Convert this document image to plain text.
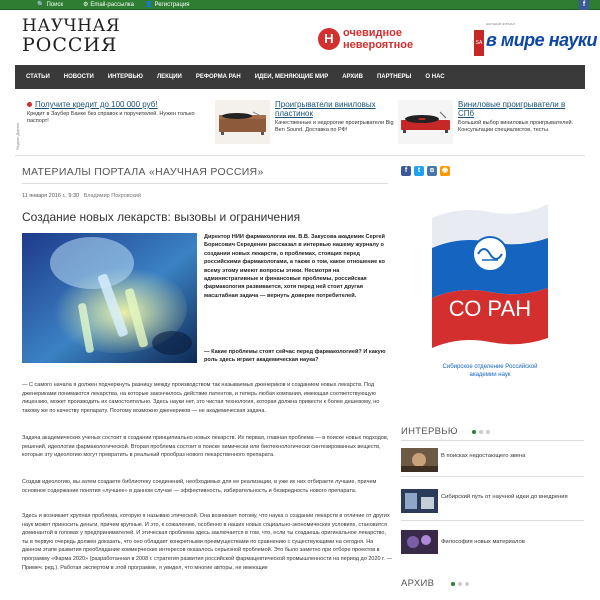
🔍 Поиск	⚙ Email-рассылка 👤 Регистрация	f
НАУЧНАЯ
РОССИЯ	H очевидное
невероятное
НАУЧНЫЙ ЖУРНАЛ
SA в мире науки
СТАТЬИ	НОВОСТИ	ИНТЕРВЬЮ	ЛЕКЦИИ	РЕФОРМА РАН	ИДЕИ, МЕНЯЮЩИЕ МИР	АРХИВ	ПАРТНЕРЫ	О НАС
Яндекс.Директ
Получите кредит до 100 000 руб!
Кредит в Заубер Банке без справок и поручителей. Нужен только паспорт!
Проигрыватели виниловых пластинок
Качественные и недорогие проигрыватели Big Ben Sound. Доставка по РФ!
Виниловые проигрыватели в СПб
Большой выбор виниловых проигрывателей. Консультации специалистов, тесты.
МАТЕРИАЛЫ ПОРТАЛА «НАУЧНАЯ РОССИЯ»	f	t	в	◉
11 января 2016 г., 9:30 Владимир Покровский
Создание новых лекарств: вызовы и ограничения
Директор НИИ фармакологии им. В.В. Закусова академик Сергей Борисович Середенин рассказал в интервью нашему журналу о создании новых лекарств, о проблемах, стоящих перед российскими фармакологами, а также о том, какое отношение ко всему этому имеют вопросы этики. Несмотря на административные и финансовые проблемы, российская фармакология развивается, хотя перед ней стоит другая масштабная задача — вернуть доверие потребителей.
— Какие проблемы стоят сейчас перед фармакологией? И какую роль здесь играет академическая наука?
— С самого начала я должен подчеркнуть разницу между производством так называемых дженериков и созданием новых лекарств. Под дженериками понимаются лекарства, на которые закончилось действие патентов, и теперь любая компания, имеющая соответствующую лицензию, может производить их самостоятельно. Здесь науки нет, это чистая технология, которая должна привести к более дешевому, но такому же по качеству препарату. Поэтому возможно дженериков — не академическая задача.
Задача академических ученых состоит в создании принципиально новых лекарств. Их первая, главная проблема — в поиске новых подходов, решений, идеологии фармакологической. Вторая проблема состоит в поиске химически или биотехнологически синтезированных веществ, которые эту идеологию могут превратить в реальный прообраз нового лекарственного препарата.
Создав идеологию, вы затем создаете библиотеку соединений, необходимых для ее реализации, в уже их них отбираете лучшие, причем основное содержание понятия «лучшее» в данном случае — эффективность, избирательность и безвредность нового препарата.
Здесь и возникает крупная проблема, которую я называю этической. Она возникает потому, что наука о создании лекарств в отличие от других наук может приносить деньги, причем крупные. И это, к сожалению, особенно в наших новых социально-экономических условиях, становится доминантой в головах у предпринимателей. И этическая проблема здесь заключается в том, что, если ты создаешь оригинальное лекарство, ты в первую очередь должен доказать, что оно обладает конкретными преимуществами по сравнению с существующими на сегодня. На данном этапе развития преобладание коммерческих интересов оказалось серьезной проблемой. Это было заметно при отборе проектов в программу «Фарма 2020» (разработанная в 2008 г. стратегия развития российской фармацевтической промышленности на период до 2020 г. — Примеч. ред.). Работая экспертом в этой программе, я увидел, что многие авторы, не имеющие
СО РАН
Сибирское отделение Российской академии наук
ИНТЕРВЬЮ
В поисках недостающего звена
Сибирский путь от научной идеи до внедрения
Философия новых материалов
АРХИВ
